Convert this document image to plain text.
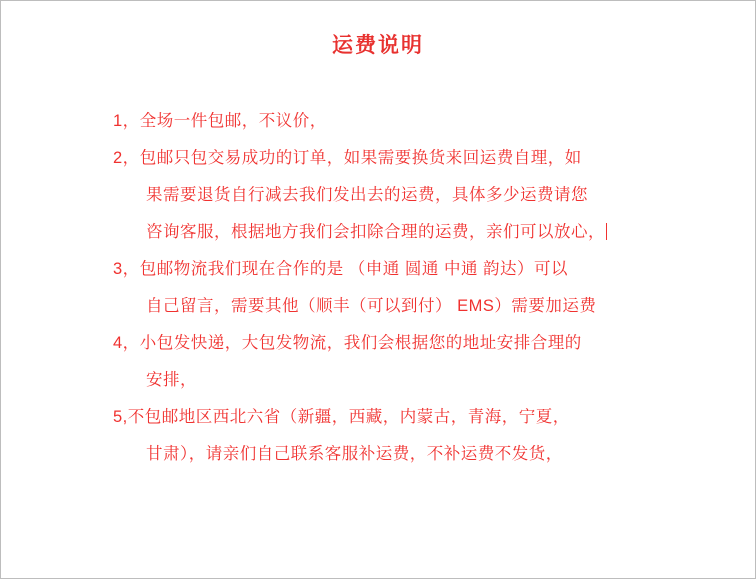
运费说明

1，全场一件包邮，不议价，

2，包邮只包交易成功的订单，如果需要换货来回运费自理，如
果需要退货自行减去我们发出去的运费，具体多少运费请您
咨询客服，根据地方我们会扣除合理的运费，亲们可以放心，

3，包邮物流我们现在合作的是 （申通 圆通 中通 韵达）可以
自己留言，需要其他（顺丰（可以到付） EMS）需要加运费

4，小包发快递，大包发物流，我们会根据您的地址安排合理的
安排，

5,不包邮地区西北六省（新疆，西藏，内蒙古，青海，宁夏，
甘肃），请亲们自己联系客服补运费，不补运费不发货，
